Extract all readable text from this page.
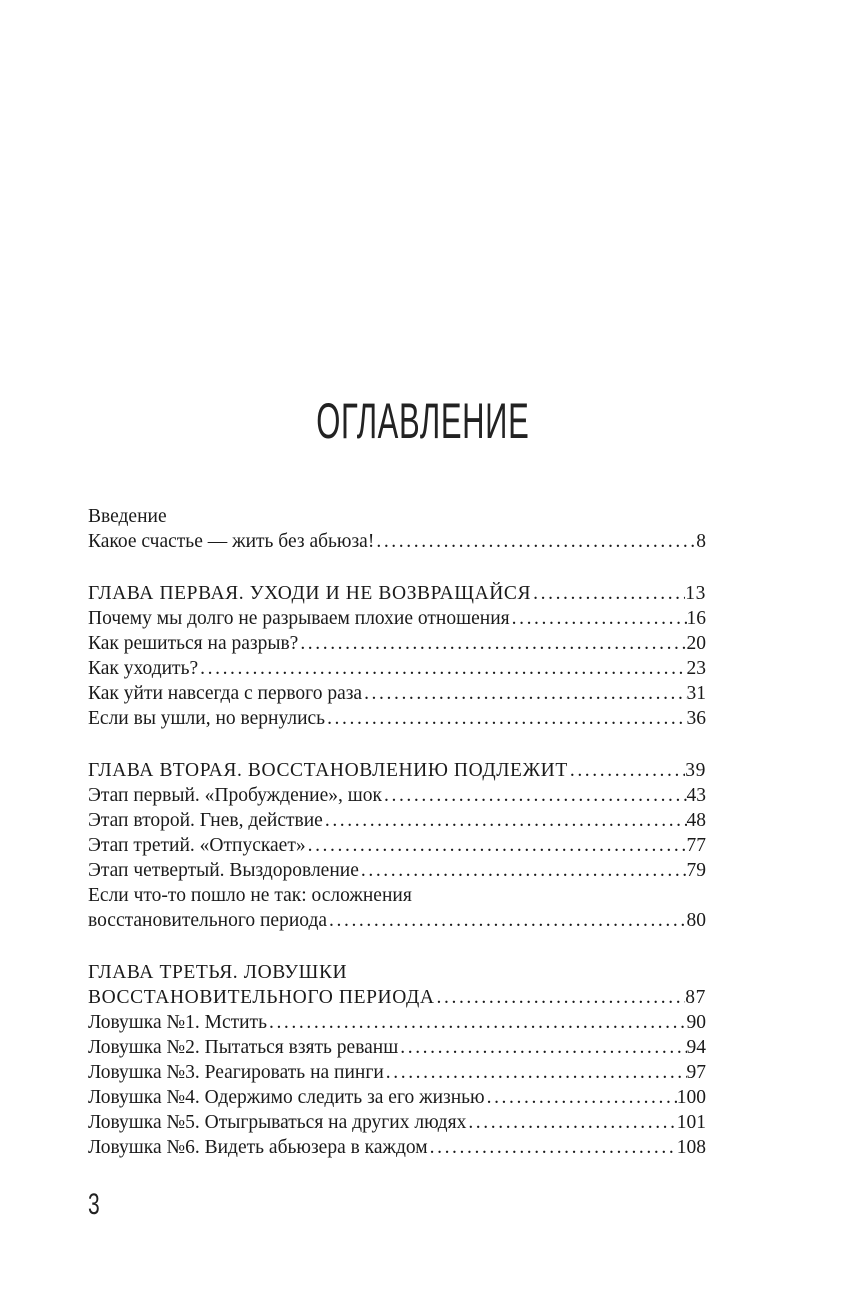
ОГЛАВЛЕНИЕ
Введение
Какое счастье — жить без абьюза! .....	8
ГЛАВА ПЕРВАЯ. УХОДИ И НЕ ВОЗВРАЩАЙСЯ .....	13
Почему мы долго не разрываем плохие отношения .....	16
Как решиться на разрыв? .....	20
Как уходить? .....	23
Как уйти навсегда с первого раза .....	31
Если вы ушли, но вернулись .....	36
ГЛАВА ВТОРАЯ. ВОССТАНОВЛЕНИЮ ПОДЛЕЖИТ .....	39
Этап первый. «Пробуждение», шок .....	43
Этап второй. Гнев, действие .....	48
Этап третий. «Отпускает» .....	77
Этап четвертый. Выздоровление .....	79
Если что-то пошло не так: осложнения
восстановительного периода .....	80
ГЛАВА ТРЕТЬЯ. ЛОВУШКИ
ВОССТАНОВИТЕЛЬНОГО ПЕРИОДА .....	87
Ловушка №1. Мстить .....	90
Ловушка №2. Пытаться взять реванш .....	94
Ловушка №3. Реагировать на пинги .....	97
Ловушка №4. Одержимо следить за его жизнью .....	100
Ловушка №5. Отыгрываться на других людях .....	101
Ловушка №6. Видеть абьюзера в каждом .....	108
3
